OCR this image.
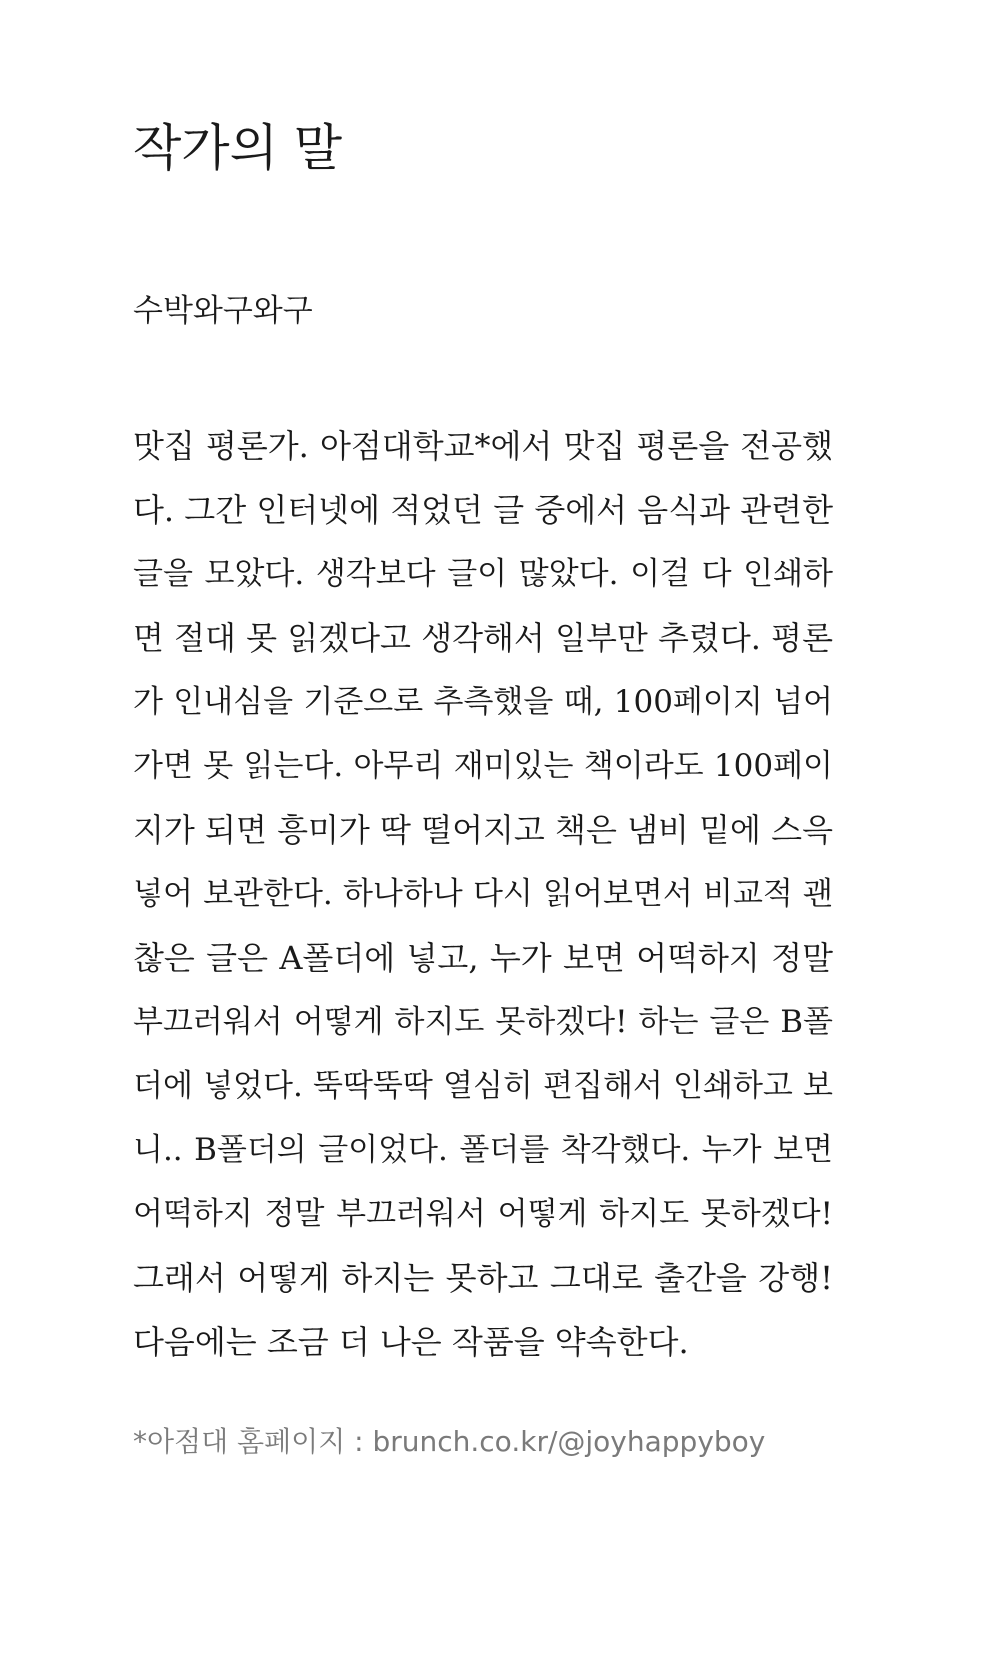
작가의 말

수박와구와구

맛집 평론가. 아점대학교*에서 맛집 평론을 전공했
다. 그간 인터넷에 적었던 글 중에서 음식과 관련한
글을 모았다. 생각보다 글이 많았다. 이걸 다 인쇄하
면 절대 못 읽겠다고 생각해서 일부만 추렸다. 평론
가 인내심을 기준으로 추측했을 때, 100페이지 넘어
가면 못 읽는다. 아무리 재미있는 책이라도 100페이
지가 되면 흥미가 딱 떨어지고 책은 냄비 밑에 스윽
넣어 보관한다. 하나하나 다시 읽어보면서 비교적 괜
찮은 글은 A폴더에 넣고, 누가 보면 어떡하지 정말
부끄러워서 어떻게 하지도 못하겠다! 하는 글은 B폴
더에 넣었다. 뚝딱뚝딱 열심히 편집해서 인쇄하고 보
니.. B폴더의 글이었다. 폴더를 착각했다. 누가 보면
어떡하지 정말 부끄러워서 어떻게 하지도 못하겠다!
그래서 어떻게 하지는 못하고 그대로 출간을 강행!
다음에는 조금 더 나은 작품을 약속한다.

*아점대 홈페이지 : brunch.co.kr/@joyhappyboy
